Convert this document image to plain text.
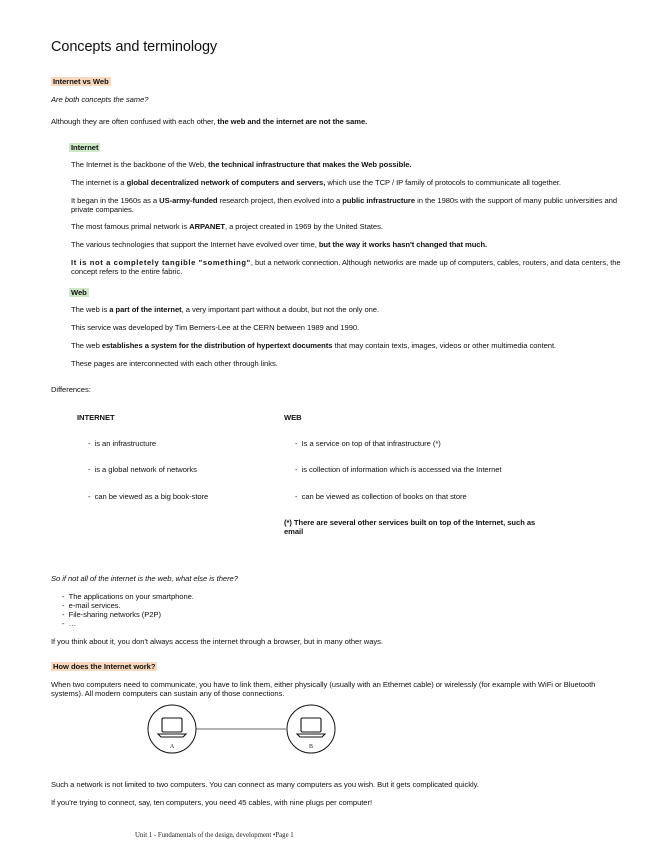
Concepts and terminology
Internet vs Web
Are both concepts the same?
Although they are often confused with each other, the web and the internet are not the same.
Internet
The Internet is the backbone of the Web, the technical infrastructure that makes the Web possible.
The internet is a global decentralized network of computers and servers, which use the TCP / IP family of protocols to communicate all together.
It began in the 1960s as a US-army-funded research project, then evolved into a public infrastructure in the 1980s with the support of many public universities and
private companies.
The most famous primal network is ARPANET, a project created in 1969 by the United States.
The various technologies that support the Internet have evolved over time, but the way it works hasn't changed that much.
It is not a completely tangible "something", but a network connection. Although networks are made up of computers, cables, routers, and data centers, the
concept refers to the entire fabric.
Web
The web is a part of the internet, a very important part without a doubt, but not the only one.
This service was developed by Tim Berners-Lee at the CERN between 1989 and 1990.
The web establishes a system for the distribution of hypertext documents that may contain texts, images, videos or other multimedia content.
These pages are interconnected with each other through links.
Differences:
INTERNET	WEB
-  is an infrastructure
-  is a global network of networks
-  can be viewed as a big book-store
-  Is a service on top of that infrastructure (*)
-  is collection of information which is accessed via the Internet
-  can be viewed as collection of books on that store
(*) There are several other services built on top of the Internet, such as
email
So if not all of the internet is the web, what else is there?
-  The applications on your smartphone.
-  e-mail services.
-  File-sharing networks (P2P)
-  …
If you think about it, you don't always access the internet through a browser, but in many other ways.
How does the Internet work?
When two computers need to communicate, you have to link them, either physically (usually with an Ethernet cable) or wirelessly (for example with WiFi or Bluetooth
systems). All modern computers can sustain any of those connections.
A	B
Such a network is not limited to two computers. You can connect as many computers as you wish. But it gets complicated quickly.
If you're trying to connect, say, ten computers, you need 45 cables, with nine plugs per computer!
Unit 1 - Fundamentals of the design, development •Page 1
